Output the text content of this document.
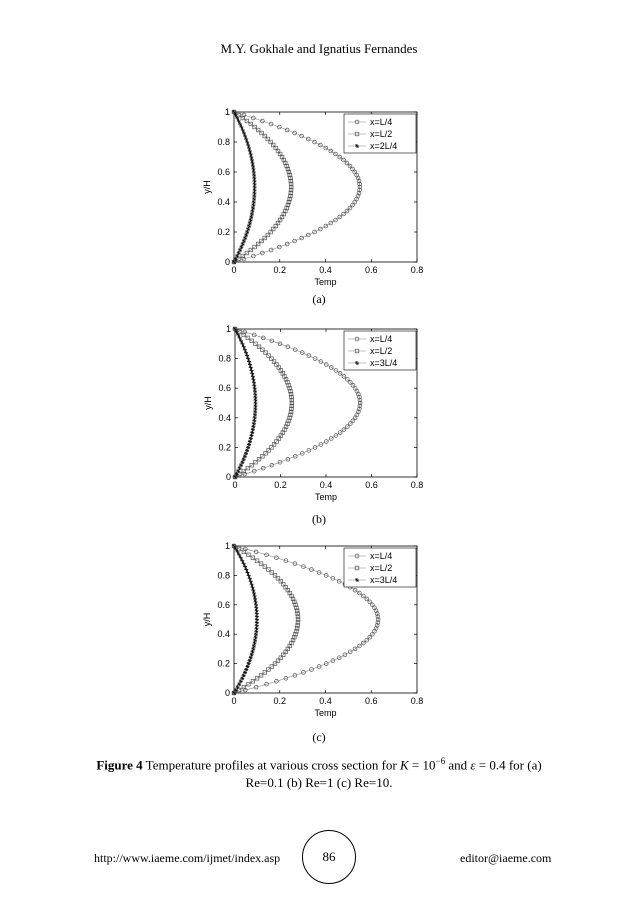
M.Y. Gokhale and Ignatius Fernandes
0	0.2	0.4	0.6	0.8
0
0.2
0.4
0.6
0.8
1
Temp
y/H
x=L/4
x=L/2
x=2L/4
(a)
0	0.2	0.4	0.6	0.8
0
0.2
0.4
0.6
0.8
1
Temp
y/H
x=L/4
x=L/2
x=3L/4
(b)
0	0.2	0.4	0.6	0.8
0
0.2
0.4
0.6
0.8
1
Temp
y/H
x=L/4
x=L/2
x=3L/4
(c)
Figure 4 Temperature profiles at various cross section for $K = 10^{-6}$ and ε = 0.4 for (a)
Re=0.1 (b) Re=1 (c) Re=10.
http://www.iaeme.com/ijmet/index.asp	86	editor@iaeme.com
